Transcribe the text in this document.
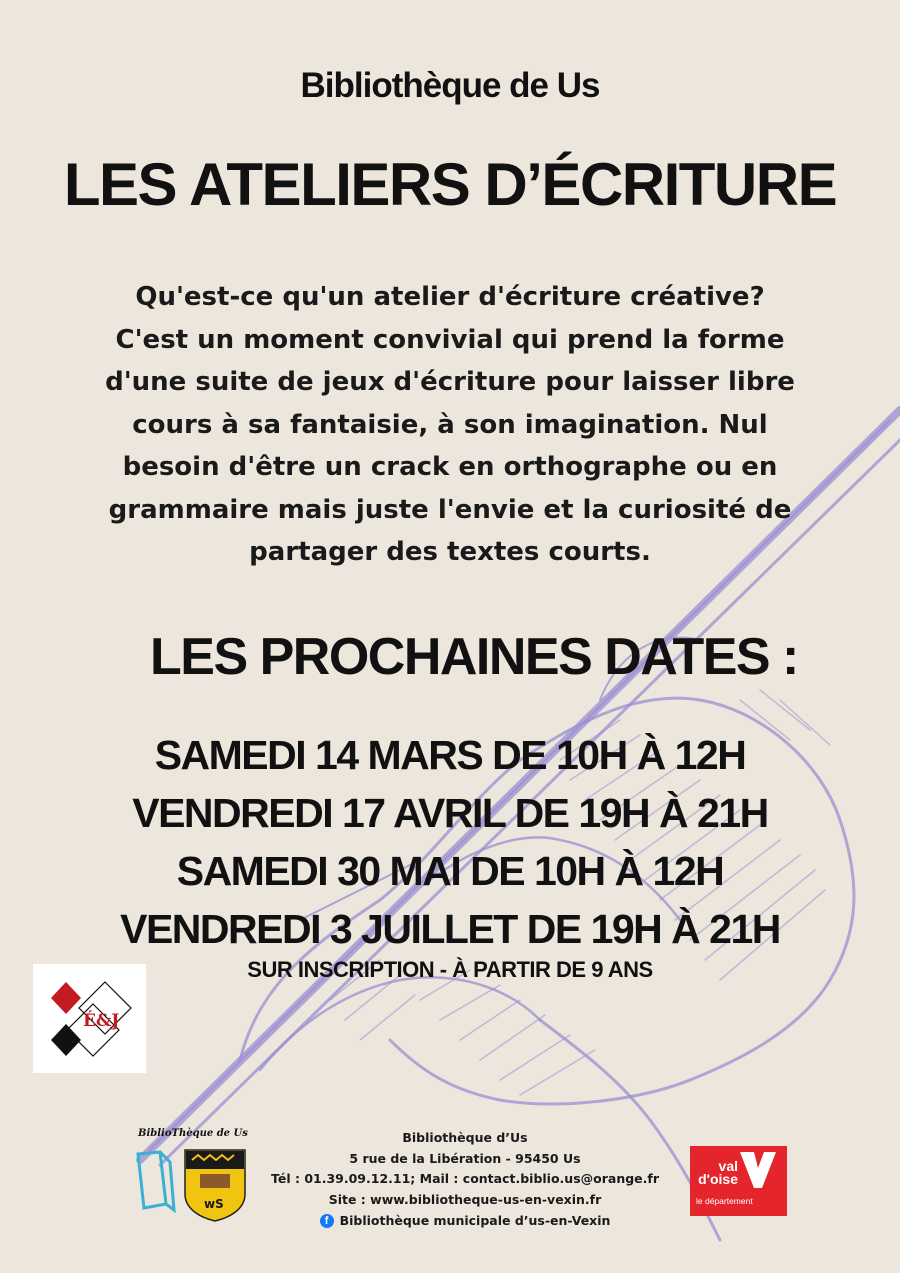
Bibliothèque de Us
LES ATELIERS D’ÉCRITURE

Qu'est-ce qu'un atelier d'écriture créative?

C'est un moment convivial qui prend la forme

d'une suite de jeux d'écriture pour laisser libre

cours à sa fantaisie, à son imagination. Nul

besoin d'être un crack en orthographe ou en

grammaire mais juste l'envie et la curiosité de

partager des textes courts.

LES PROCHAINES DATES :
SAMEDI 14 MARS DE 10H À 12H
VENDREDI 17 AVRIL DE 19H À 21H
SAMEDI 30 MAI DE 10H À 12H
VENDREDI 3 JUILLET DE 19H À 21H
SUR INSCRIPTION - À PARTIR DE 9 ANS
É&J
BiblioThèque de Us
wS
Bibliothèque d’Us
5 rue de la Libération - 95450 Us
Tél : 01.39.09.12.11; Mail : contact.biblio.us@orange.fr
Site : www.bibliotheque-us-en-vexin.fr
f Bibliothèque municipale d’us-en-Vexin
val d'oise
le département
